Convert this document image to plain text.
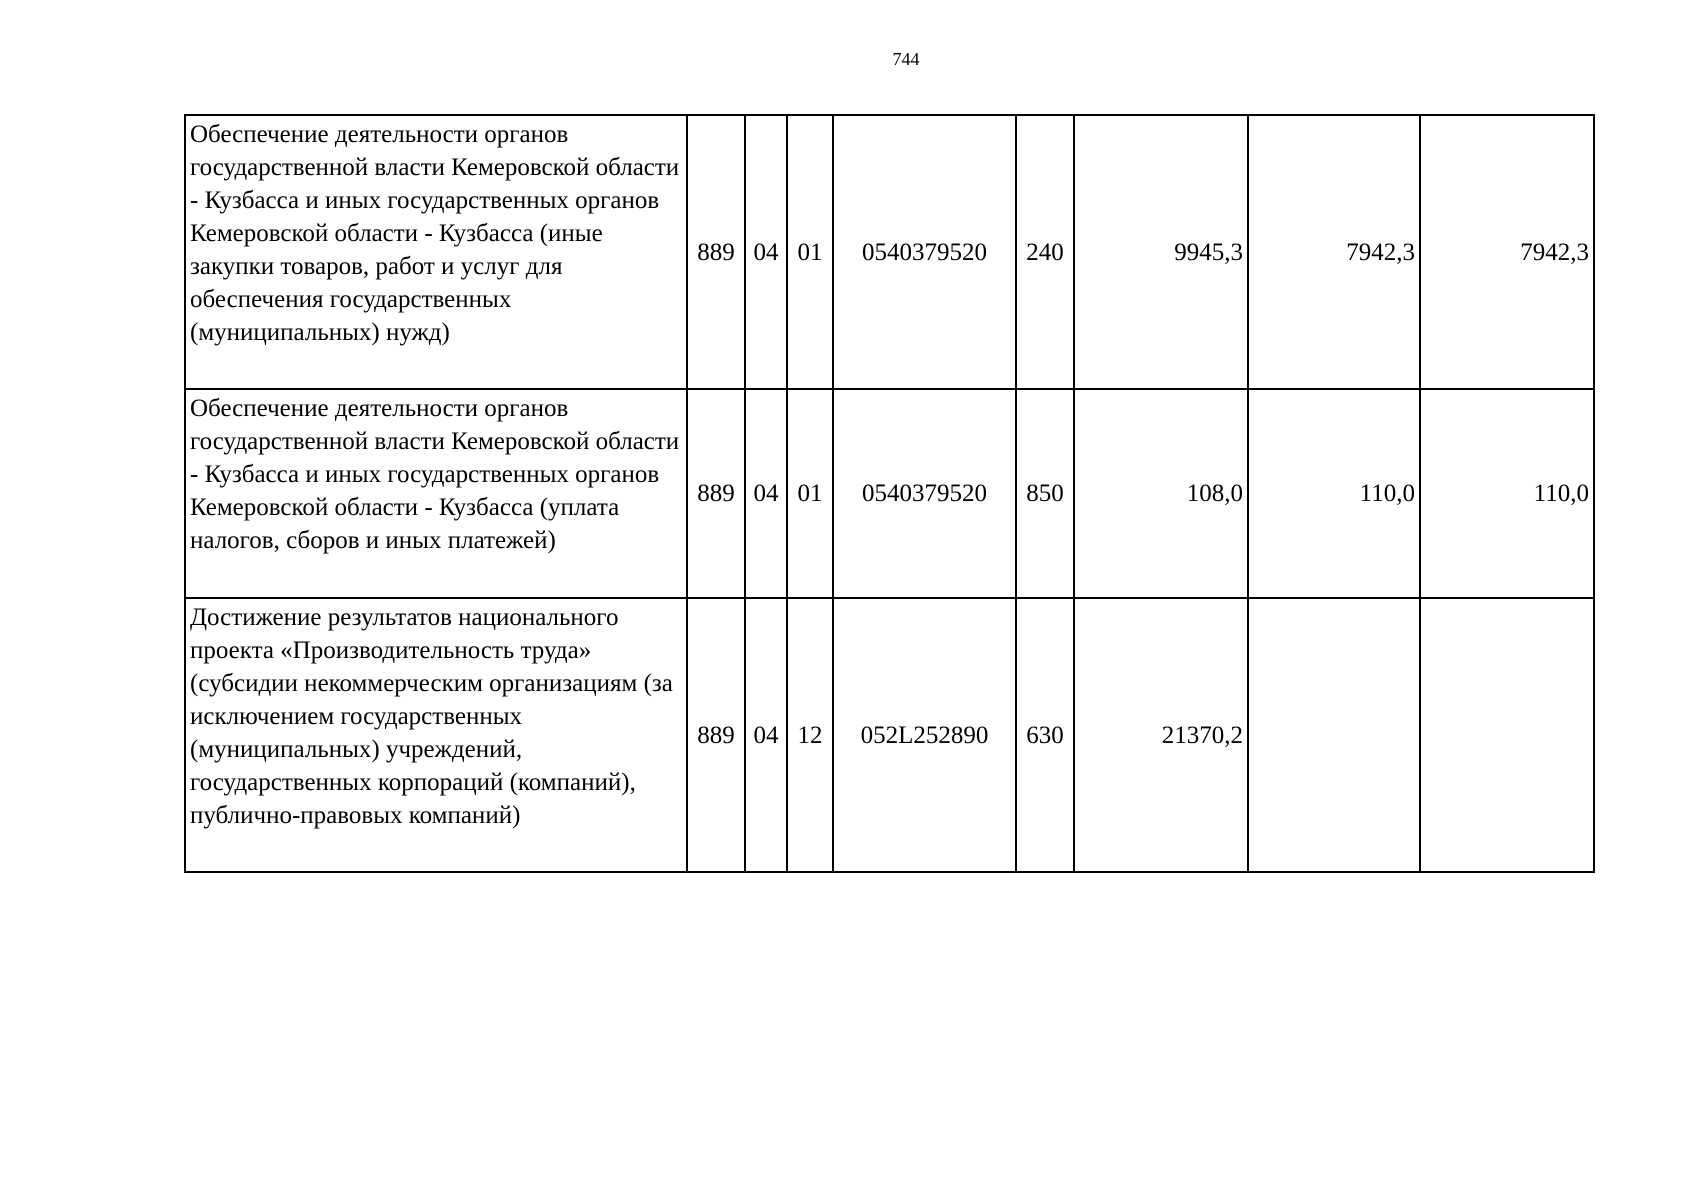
744
Обеспечение деятельности органов государственной власти Кемеровской области - Кузбасса и иных государственных органов Кемеровской области - Кузбасса (иные закупки товаров, работ и услуг для обеспечения государственных (муниципальных) нужд)	889	04	01	0540379520	240	9945,3	7942,3	7942,3
Обеспечение деятельности органов государственной власти Кемеровской области - Кузбасса и иных государственных органов Кемеровской области - Кузбасса (уплата налогов, сборов и иных платежей)	889	04	01	0540379520	850	108,0	110,0	110,0
Достижение результатов национального проекта «Производительность труда» (субсидии некоммерческим организациям (за исключением государственных (муниципальных) учреждений, государственных корпораций (компаний), публично-правовых компаний)	889	04	12	052L252890	630	21370,2		
